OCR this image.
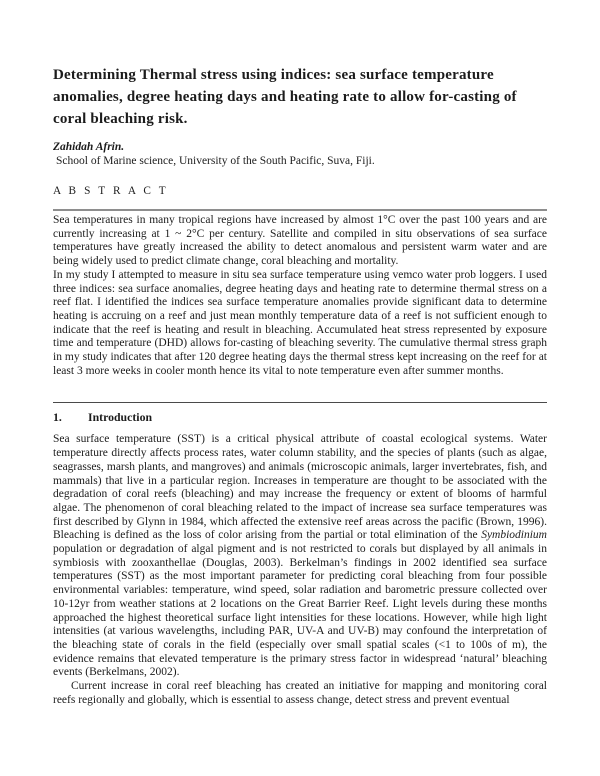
Determining Thermal stress using indices: sea surface temperature anomalies, degree heating days and heating rate to allow for-casting of coral bleaching risk.
Zahidah Afrin.
School of Marine science, University of the South Pacific, Suva, Fiji.
A B S T R A C T

Sea temperatures in many tropical regions have increased by almost 1°C over the past 100 years and are currently increasing at 1 ~ 2°C per century. Satellite and compiled in situ observations of sea surface temperatures have greatly increased the ability to detect anomalous and persistent warm water and are being widely used to predict climate change, coral bleaching and mortality.

In my study I attempted to measure in situ sea surface temperature using vemco water prob loggers. I used three indices: sea surface anomalies, degree heating days and heating rate to determine thermal stress on a reef flat. I identified the indices sea surface temperature anomalies provide significant data to determine heating is accruing on a reef and just mean monthly temperature data of a reef is not sufficient enough to indicate that the reef is heating and result in bleaching. Accumulated heat stress represented by exposure time and temperature (DHD) allows for-casting of bleaching severity. The cumulative thermal stress graph in my study indicates that after 120 degree heating days the thermal stress kept increasing on the reef for at least 3 more weeks in cooler month hence its vital to note temperature even after summer months.

1. Introduction

Sea surface temperature (SST) is a critical physical attribute of coastal ecological systems. Water temperature directly affects process rates, water column stability, and the species of plants (such as algae, seagrasses, marsh plants, and mangroves) and animals (microscopic animals, larger invertebrates, fish, and mammals) that live in a particular region. Increases in temperature are thought to be associated with the degradation of coral reefs (bleaching) and may increase the frequency or extent of blooms of harmful algae. The phenomenon of coral bleaching related to the impact of increase sea surface temperatures was first described by Glynn in 1984, which affected the extensive reef areas across the pacific (Brown, 1996). Bleaching is defined as the loss of color arising from the partial or total elimination of the Symbiodinium population or degradation of algal pigment and is not restricted to corals but displayed by all animals in symbiosis with zooxanthellae (Douglas, 2003). Berkelman’s findings in 2002 identified sea surface temperatures (SST) as the most important parameter for predicting coral bleaching from four possible environmental variables: temperature, wind speed, solar radiation and barometric pressure collected over 10-12yr from weather stations at 2 locations on the Great Barrier Reef. Light levels during these months approached the highest theoretical surface light intensities for these locations. However, while high light intensities (at various wavelengths, including PAR, UV-A and UV-B) may confound the interpretation of the bleaching state of corals in the field (especially over small spatial scales (<1 to 100s of m), the evidence remains that elevated temperature is the primary stress factor in widespread ‘natural’ bleaching events (Berkelmans, 2002).

Current increase in coral reef bleaching has created an initiative for mapping and monitoring coral reefs regionally and globally, which is essential to assess change, detect stress and prevent eventual
